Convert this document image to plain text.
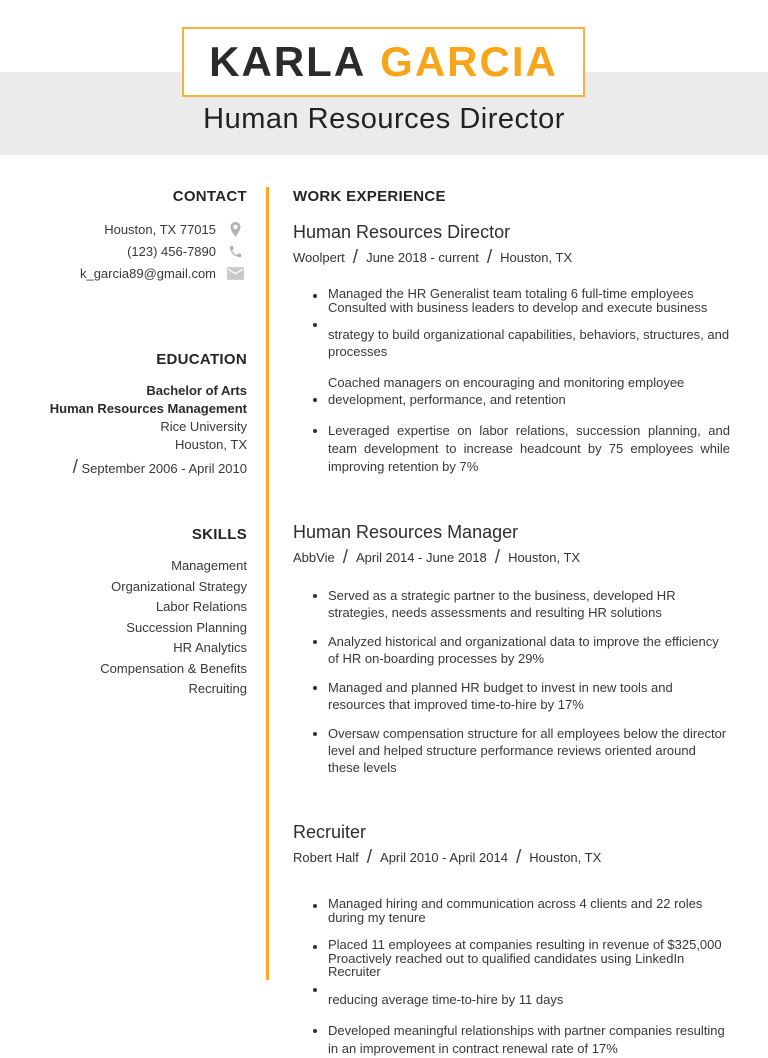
KARLA GARCIA
Human Resources Director
CONTACT
Houston, TX 77015
(123) 456-7890
k_garcia89@gmail.com
EDUCATION
Bachelor of Arts
Human Resources Management
Rice University
Houston, TX
/ September 2006 - April 2010
SKILLS
Management
Organizational Strategy
Labor Relations
Succession Planning
HR Analytics
Compensation & Benefits
Recruiting
WORK EXPERIENCE
Human Resources Director
Woolpert / June 2018 - current / Houston, TX
Managed the HR Generalist team totaling 6 full-time employees Consulted with business leaders to develop and execute business
strategy to build organizational capabilities, behaviors, structures, and processes
Coached managers on encouraging and monitoring employee development, performance, and retention
Leveraged expertise on labor relations, succession planning, and team development to increase headcount by 75 employees while improving retention by 7%
Human Resources Manager
AbbVie / April 2014 - June 2018 / Houston, TX
Served as a strategic partner to the business, developed HR strategies, needs assessments and resulting HR solutions
Analyzed historical and organizational data to improve the efficiency of HR on-boarding processes by 29%
Managed and planned HR budget to invest in new tools and resources that improved time-to-hire by 17%
Oversaw compensation structure for all employees below the director level and helped structure performance reviews oriented around these levels
Recruiter
Robert Half / April 2010 - April 2014 / Houston, TX
Managed hiring and communication across 4 clients and 22 roles during my tenure
Placed 11 employees at companies resulting in revenue of $325,000 Proactively reached out to qualified candidates using LinkedIn Recruiter
reducing average time-to-hire by 11 days
Developed meaningful relationships with partner companies resulting in an improvement in contract renewal rate of 17%
